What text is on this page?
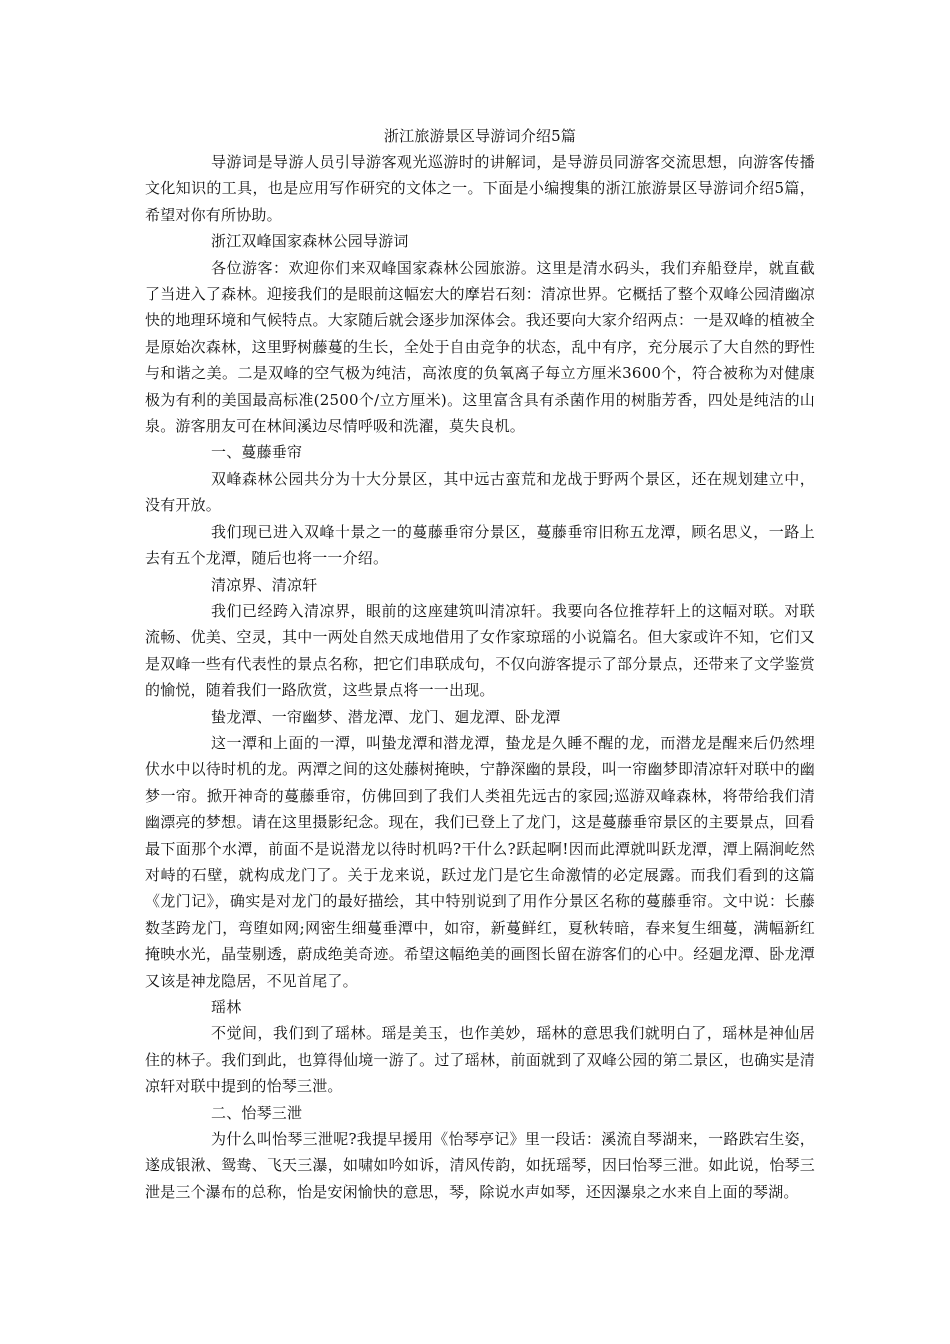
浙江旅游景区导游词介绍5篇

导游词是导游人员引导游客观光巡游时的讲解词，是导游员同游客交流思想，向游客传播文化知识的工具，也是应用写作研究的文体之一。下面是小编搜集的浙江旅游景区导游词介绍5篇，希望对你有所协助。

浙江双峰国家森林公园导游词

各位游客：欢迎你们来双峰国家森林公园旅游。这里是清水码头，我们弃船登岸，就直截了当进入了森林。迎接我们的是眼前这幅宏大的摩岩石刻：清凉世界。它概括了整个双峰公园清幽凉快的地理环境和气候特点。大家随后就会逐步加深体会。我还要向大家介绍两点：一是双峰的植被全是原始次森林，这里野树藤蔓的生长，全处于自由竞争的状态，乱中有序，充分展示了大自然的野性与和谐之美。二是双峰的空气极为纯洁，高浓度的负氧离子每立方厘米3600个，符合被称为对健康极为有利的美国最高标准(2500个/立方厘米)。这里富含具有杀菌作用的树脂芳香，四处是纯洁的山泉。游客朋友可在林间溪边尽情呼吸和洗濯，莫失良机。

一、蔓藤垂帘

双峰森林公园共分为十大分景区，其中远古蛮荒和龙战于野两个景区，还在规划建立中，没有开放。

我们现已进入双峰十景之一的蔓藤垂帘分景区，蔓藤垂帘旧称五龙潭，顾名思义，一路上去有五个龙潭，随后也将一一介绍。

清凉界、清凉轩

我们已经跨入清凉界，眼前的这座建筑叫清凉轩。我要向各位推荐轩上的这幅对联。对联流畅、优美、空灵，其中一两处自然天成地借用了女作家琼瑶的小说篇名。但大家或许不知，它们又是双峰一些有代表性的景点名称，把它们串联成句，不仅向游客提示了部分景点，还带来了文学鉴赏的愉悦，随着我们一路欣赏，这些景点将一一出现。

蛰龙潭、一帘幽梦、潜龙潭、龙门、廻龙潭、卧龙潭

这一潭和上面的一潭，叫蛰龙潭和潜龙潭，蛰龙是久睡不醒的龙，而潜龙是醒来后仍然埋伏水中以待时机的龙。两潭之间的这处藤树掩映，宁静深幽的景段，叫一帘幽梦即清凉轩对联中的幽梦一帘。掀开神奇的蔓藤垂帘，仿佛回到了我们人类祖先远古的家园;巡游双峰森林，将带给我们清幽漂亮的梦想。请在这里摄影纪念。现在，我们已登上了龙门，这是蔓藤垂帘景区的主要景点，回看最下面那个水潭，前面不是说潜龙以待时机吗?干什么?跃起啊!因而此潭就叫跃龙潭，潭上隔涧屹然对峙的石壁，就构成龙门了。关于龙来说，跃过龙门是它生命激情的必定展露。而我们看到的这篇《龙门记》，确实是对龙门的最好描绘，其中特别说到了用作分景区名称的蔓藤垂帘。文中说：长藤数茎跨龙门，弯堕如网;网密生细蔓垂潭中，如帘，新蔓鲜红，夏秋转暗，春来复生细蔓，满幅新红掩映水光，晶莹剔透，蔚成绝美奇迹。希望这幅绝美的画图长留在游客们的心中。经廻龙潭、卧龙潭又该是神龙隐居，不见首尾了。

瑶林

不觉间，我们到了瑶林。瑶是美玉，也作美妙，瑶林的意思我们就明白了，瑶林是神仙居住的林子。我们到此，也算得仙境一游了。过了瑶林，前面就到了双峰公园的第二景区，也确实是清凉轩对联中提到的怡琴三泄。

二、怡琴三泄

为什么叫怡琴三泄呢?我提早援用《怡琴亭记》里一段话：溪流自琴湖来，一路跌宕生姿，遂成银湫、鸳鸯、飞天三瀑，如啸如吟如诉，清风传韵，如抚瑶琴，因曰怡琴三泄。如此说，怡琴三泄是三个瀑布的总称，怡是安闲愉快的意思，琴，除说水声如琴，还因瀑泉之水来自上面的琴湖。
